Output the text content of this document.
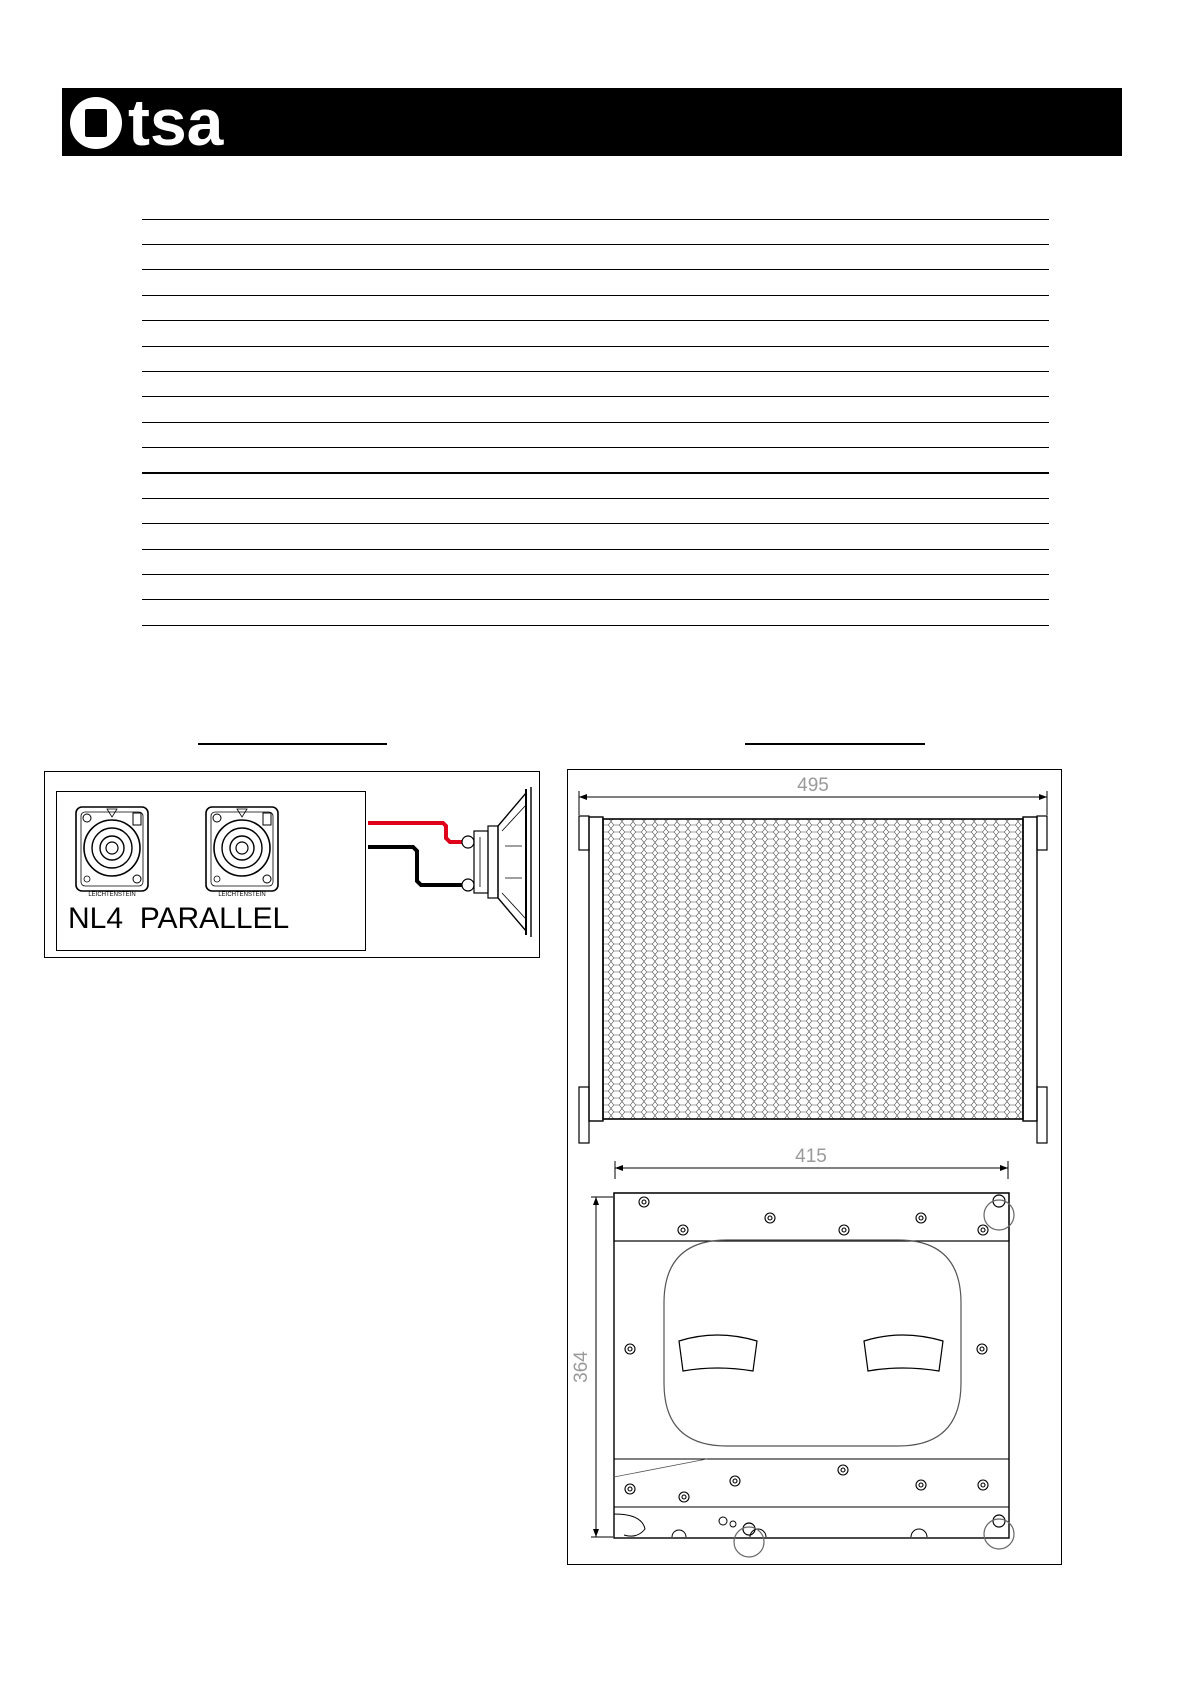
tsa
LEICHTENSTEIN	LEICHTENSTEIN
NL4  PARALLEL
495
415
364
